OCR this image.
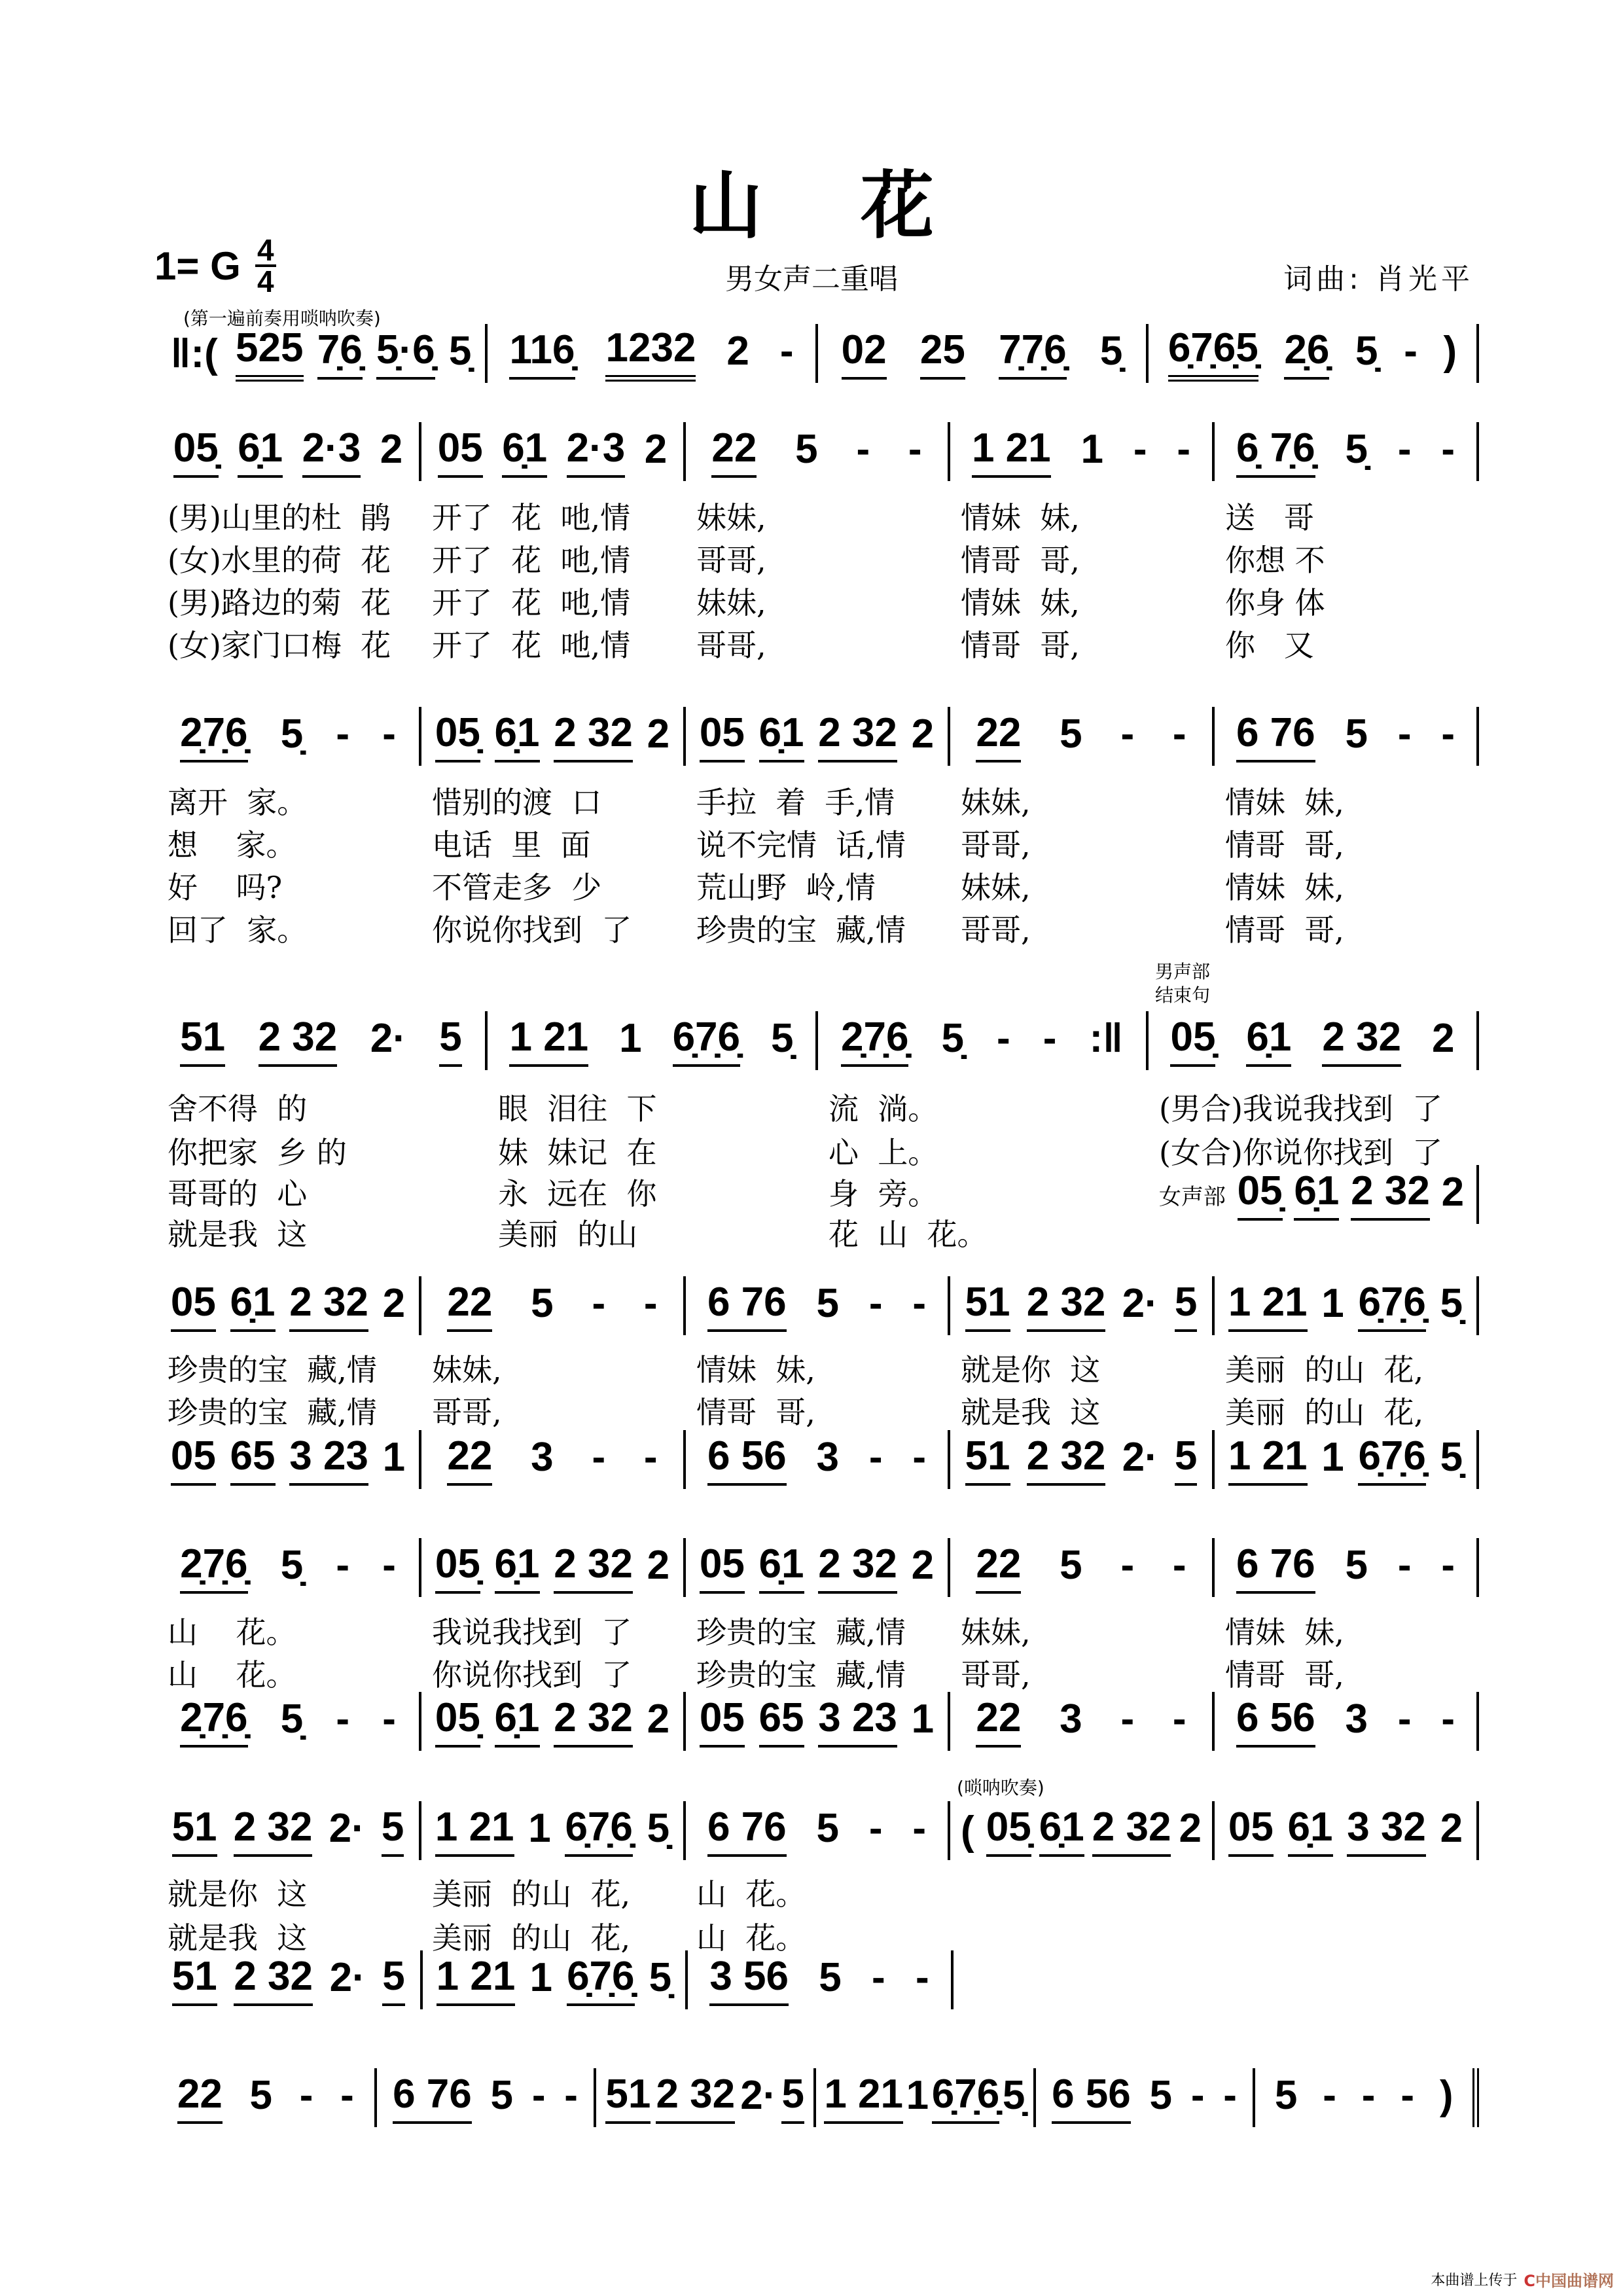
山花
1= G $\frac{4}{4}$	男女声二重唱	词曲: 肖光平
‖:( 525 7̣6̣ 5̣·6̣ 5̣
(第一遍前奏用唢呐吹奏)
116̣ 1232 2 - 02 25 7̣7̣6̣ 5̣ 6̣7̣6̣5̣ 2̣6̣ 5̣ - )
05̣ 6̣1 2·3 2 05 6̣1 2·3 2 22 5 - - 1 21 1 - - 6̣ 7̣6̣ 5̣ - -
(男)山里的杜  鹃	开了  花  吔,情	妹妹,	情妹  妹,	送   哥
(女)水里的荷  花	开了  花  吔,情	哥哥,	情哥  哥,	你想 不
(男)路边的菊  花	开了  花  吔,情	妹妹,	情妹  妹,	你身 体
(女)家门口梅  花	开了  花  吔,情	哥哥,	情哥  哥,	你   又
2̣7̣6̣ 5̣ - - 05̣ 6̣1 2 32 2 05 6̣1 2 32 2 22 5 - - 6 76 5 - -
离开  家。	惜别的渡  口	手拉  着  手,情	妹妹,	情妹  妹,
想    家。	电话  里  面	说不完情  话,情	哥哥,	情哥  哥,
好    吗?	不管走多  少	荒山野  岭,情	妹妹,	情妹  妹,
回了  家。	你说你找到  了	珍贵的宝  藏,情	哥哥,	情哥  哥,
51 2 32 2· 5 1 21 1 6̣7̣6̣ 5̣ 2̣7̣6̣ 5̣ - - :‖ 05̣ 6̣1 2 32 2
男声部
结束句
舍不得  的	眼  泪往  下	流  淌。	(男合)我说我找到  了
你把家  乡 的	妹  妹记  在	心  上。	(女合)你说你找到  了
哥哥的  心	永  远在  你	身  旁。
就是我  这	美丽  的山	花  山  花。
女声部 05̣ 6̣1 2 32 2
05 6̣1 2 32 2 22 5 - - 6 76 5 - - 51 2 32 2· 5 1 21 1 6̣7̣6̣ 5̣
珍贵的宝  藏,情	妹妹,	情妹  妹,	就是你  这	美丽  的山  花,
珍贵的宝  藏,情	哥哥,	情哥  哥,	就是我  这	美丽  的山  花,
05 65 3 23 1 22 3 - - 6 56 3 - - 51 2 32 2· 5 1 21 1 6̣7̣6̣ 5̣
2̣7̣6̣ 5̣ - - 05̣ 6̣1 2 32 2 05 6̣1 2 32 2 22 5 - - 6 76 5 - -
山    花。	我说我找到  了	珍贵的宝  藏,情	妹妹,	情妹  妹,
山    花。	你说你找到  了	珍贵的宝  藏,情	哥哥,	情哥  哥,
2̣7̣6̣ 5̣ - - 05̣ 6̣1 2 32 2 05 65 3 23 1 22 3 - - 6 56 3 - -
51 2 32 2· 5 1 21 1 6̣7̣6̣ 5̣ 6 76 5 - - ( 05̣ 6̣1 2 32 2
(唢呐吹奏)
05 6̣1 3 32 2
就是你  这	美丽  的山  花,	山  花。
就是我  这	美丽  的山  花,	山  花。
51 2 32 2· 5 1 21 1 6̣7̣6̣ 5̣ 3 56 5 - -
22 5 - - 6 76 5 - - 51 2 32 2· 5 1 21 1 6̣7̣6̣ 5̣ 6 56 5 - - 5 - - - )
本曲谱上传于 C中国曲谱网
